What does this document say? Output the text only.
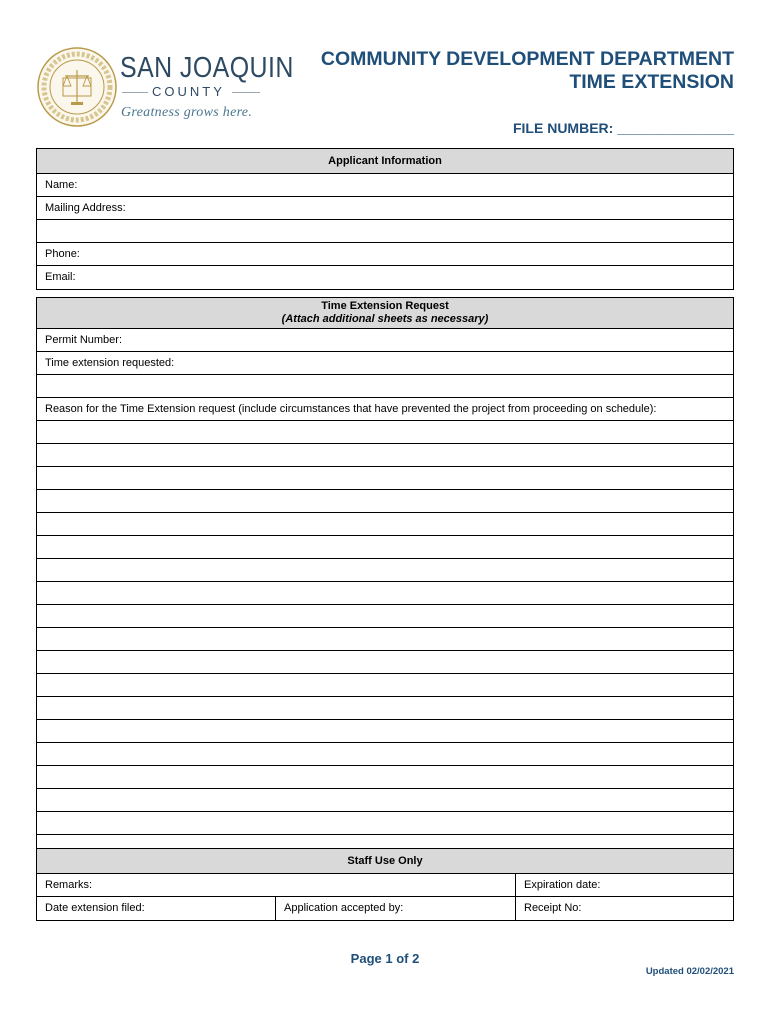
SAN JOAQUIN
COUNTY
Greatness grows here.
COMMUNITY DEVELOPMENT DEPARTMENT
TIME EXTENSION
FILE NUMBER: _______________
Applicant Information
Name:
Mailing Address:
Phone:
Email:
Time Extension Request
(Attach additional sheets as necessary)
Permit Number:
Time extension requested:
Reason for the Time Extension request (include circumstances that have prevented the project from proceeding on schedule):
Staff Use Only
Remarks:	Expiration date:
Date extension filed:	Application accepted by:	Receipt No:
Page 1 of 2
Updated 02/02/2021
